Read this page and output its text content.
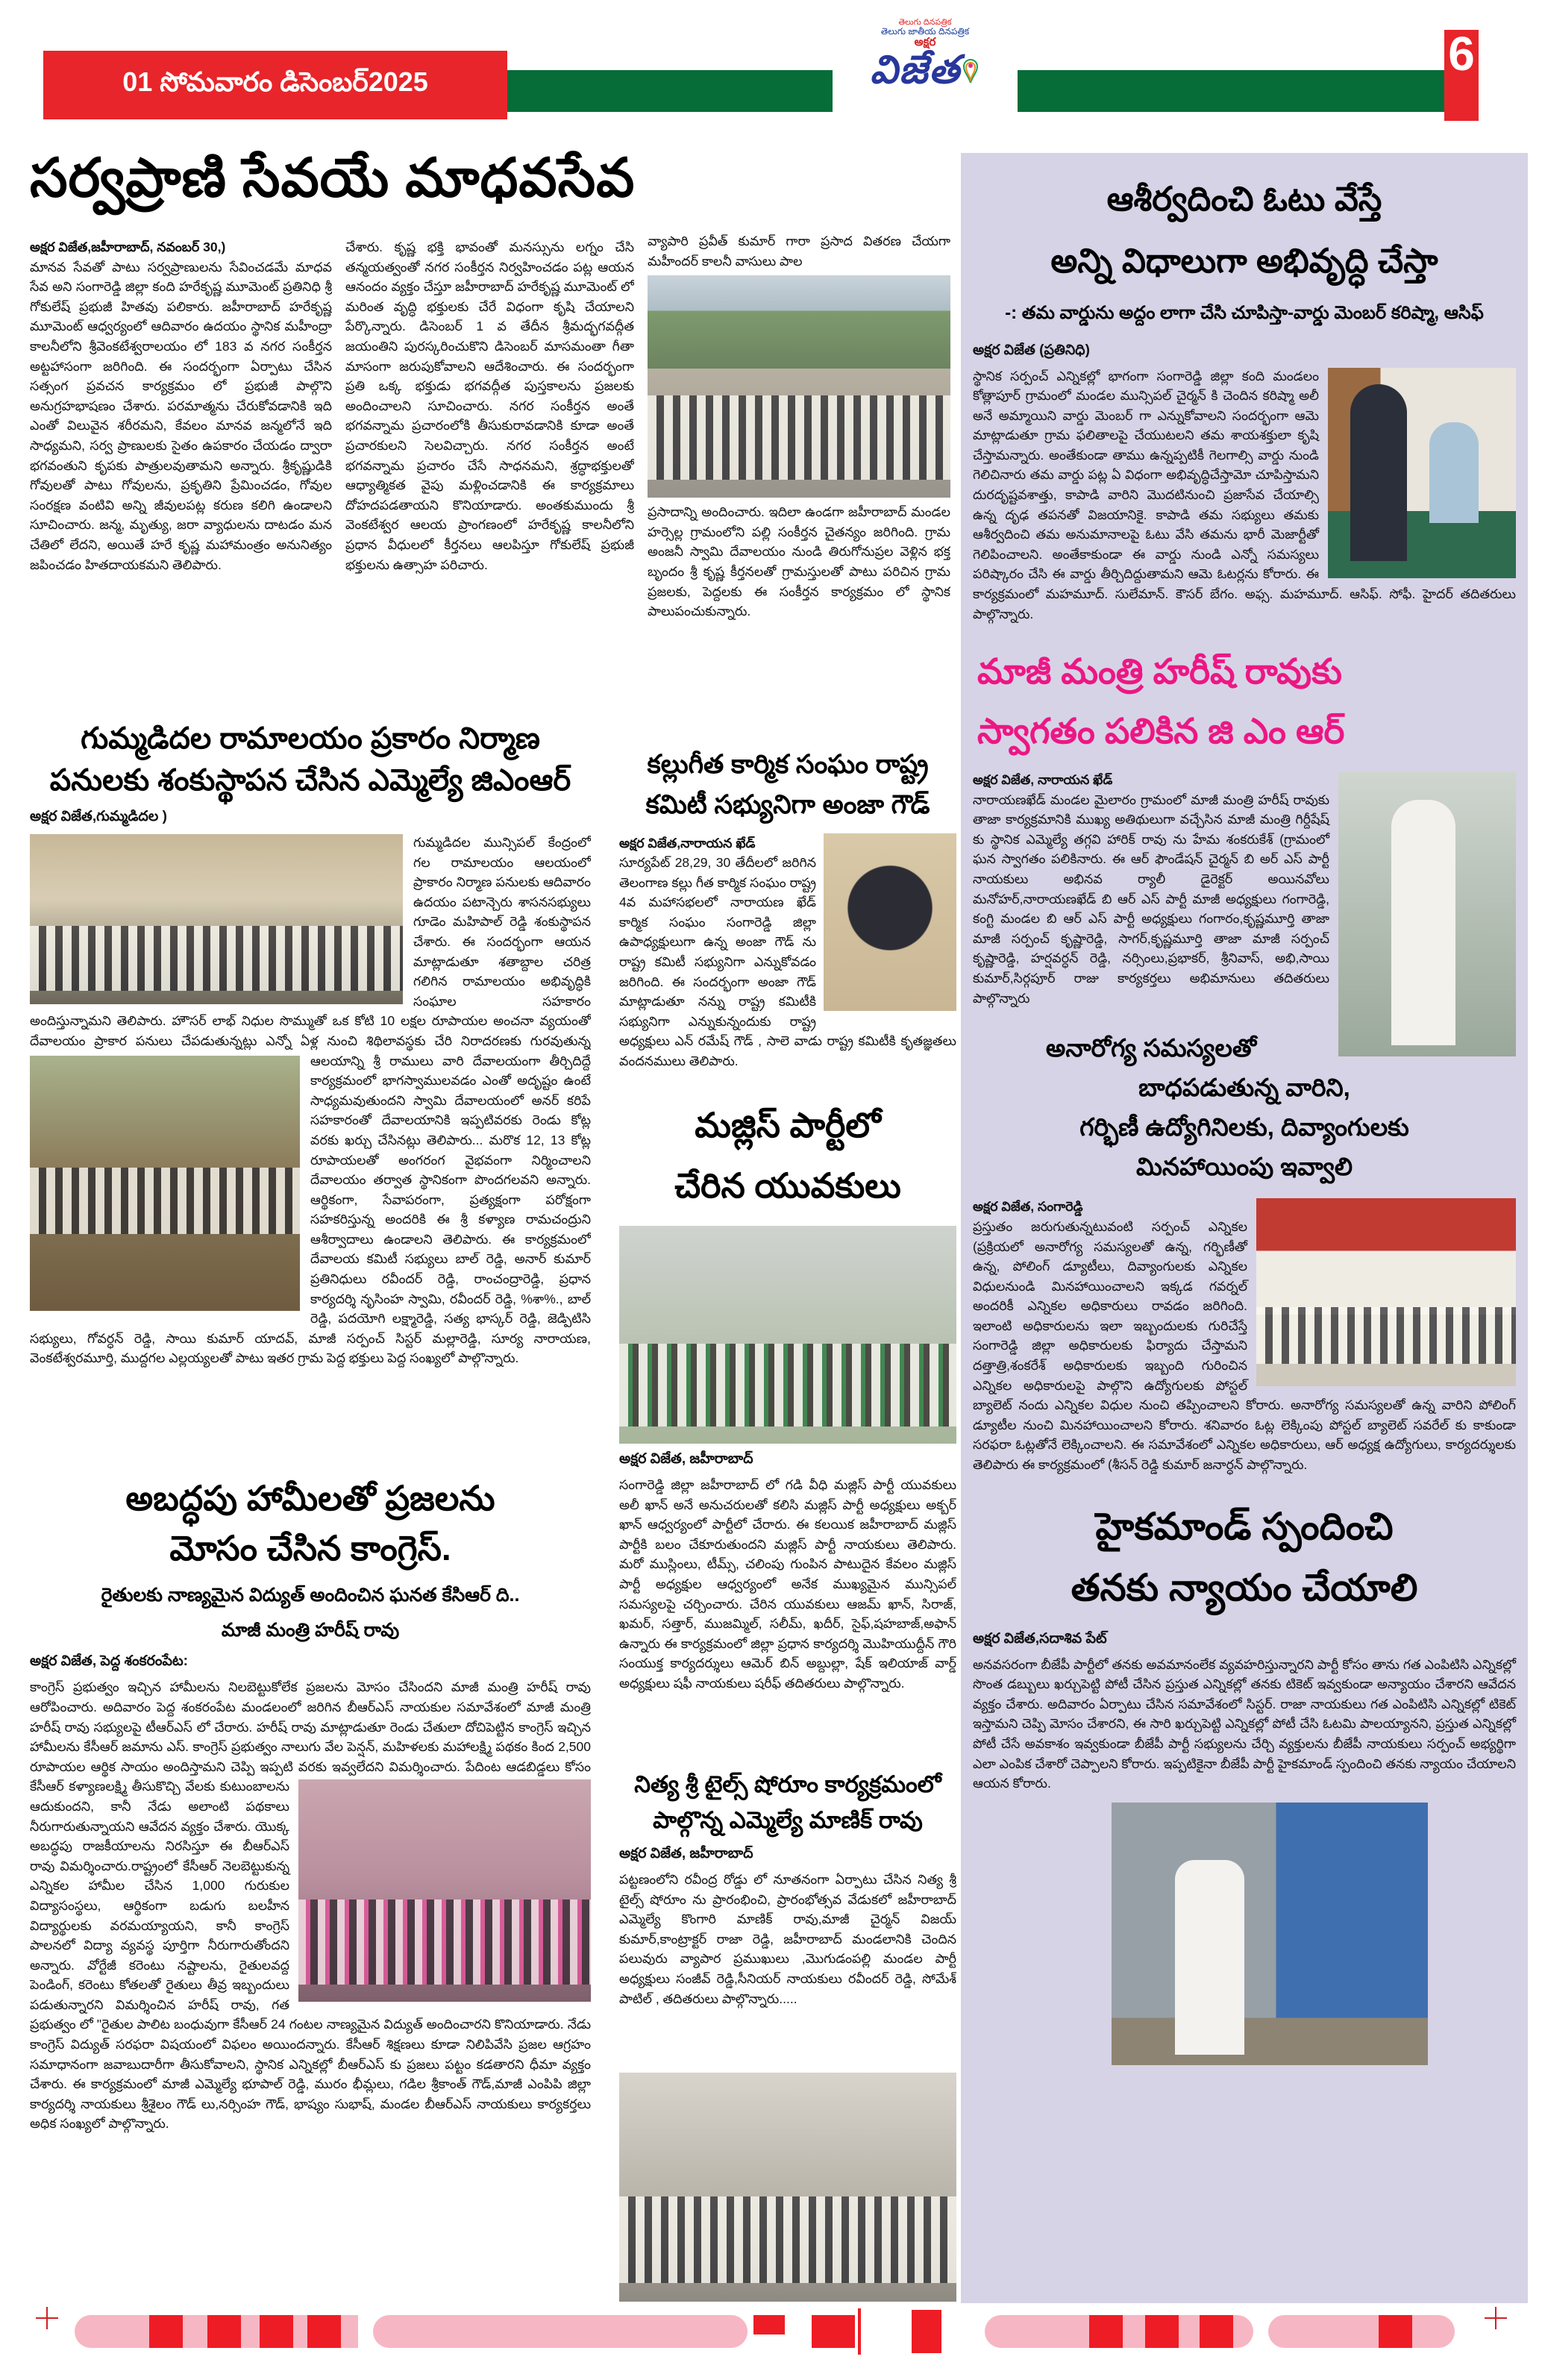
01 సోమవారం డిసెంబర్2025
తెలుగు దినపత్రిక
తెలుగు జాతీయ దినపత్రిక
అక్షర
విజేత	6
సర్వప్రాణి సేవయే మాధవసేవ
అక్షర విజేత,జహీరాబాద్, నవంబర్ 30,)
మానవ సేవతో పాటు సర్వప్రాణులను సేవించడమే మాధవ సేవ అని సంగారెడ్డి జిల్లా కంది హరేకృష్ణ మూమెంట్ ప్రతినిధి శ్రీ గోకులేష్ ప్రభుజీ హితవు పలికారు. జహీరాబాద్ హరేకృష్ణ మూమెంట్ ఆధ్వర్యంలో ఆదివారం ఉదయం స్థానిక మహీంద్రా కాలనీలోని శ్రీవెంకటేశ్వరాలయం లో 183 వ నగర సంకీర్తన అట్టహాసంగా జరిగింది. ఈ సందర్భంగా ఏర్పాటు చేసిన సత్సంగ ప్రవచన కార్యక్రమం లో ప్రభుజీ పాల్గొని అనుగ్రహభాషణం చేశారు. పరమాత్మను చేరుకోవడానికి ఇది ఎంతో విలువైన శరీరమని, కేవలం మానవ జన్మలోనే ఇది సాధ్యమని, సర్వ ప్రాణులకు సైతం ఉపకారం చేయడం ద్వారా భగవంతుని కృపకు పాత్రులవుతామని అన్నారు. శ్రీకృష్ణుడికి గోవులతో పాటు గోవులను, ప్రకృతిని ప్రేమించడం, గోవుల సంరక్షణ వంటివి అన్ని జీవులపట్ల కరుణ కలిగి ఉండాలని సూచించారు. జన్మ, మృత్యు, జరా వ్యాధులను దాటడం మన చేతిలో లేదని, అయితే హరే కృష్ణ మహామంత్రం అనునిత్యం జపించడం హితదాయకమని తెలిపారు.
చేశారు. కృష్ణ భక్తి భావంతో మనస్సును లగ్నం చేసి తన్మయత్వంతో నగర సంకీర్తన నిర్వహించడం పట్ల ఆయన ఆనందం వ్యక్తం చేస్తూ జహీరాబాద్ హరేకృష్ణ మూమెంట్ లో మరింత వృద్ధి భక్తులకు చేరే విధంగా కృషి చేయాలని పేర్కొన్నారు. డిసెంబర్ 1 వ తేదీన శ్రీమద్భగవద్గీత జయంతిని పురస్కరించుకొని డిసెంబర్ మాసమంతా గీతా మాసంగా జరుపుకోవాలని ఆదేశించారు. ఈ సందర్భంగా ప్రతి ఒక్క భక్తుడు భగవద్గీత పుస్తకాలను ప్రజలకు అందించాలని సూచించారు. నగర సంకీర్తన అంతే భగవన్నామ ప్రచారంలోకి తీసుకురావడానికి కూడా అంతే ప్రచారకులని సెలవిచ్చారు. నగర సంకీర్తన అంటే భగవన్నామ ప్రచారం చేసే సాధనమని, శ్రద్ధాభక్తులతో ఆధ్యాత్మికత వైపు మళ్లించడానికి ఈ కార్యక్రమాలు దోహదపడతాయని కొనియాడారు. అంతకుముందు శ్రీ వెంకటేశ్వర ఆలయ ప్రాంగణంలో హరేకృష్ణ కాలనీలోని ప్రధాన వీధులలో కీర్తనలు ఆలపిస్తూ గోకులేష్ ప్రభుజీ భక్తులను ఉత్సాహ పరిచారు.
వ్యాపారి ప్రవీత్ కుమార్ గారా ప్రసాద వితరణ చేయగా మహీందర్ కాలనీ వాసులు పాల
ప్రసాదాన్ని అందించారు. ఇదిలా ఉండగా జహీరాబాద్ మండల హర్సెల్ల గ్రామంలోని పల్లి సంకీర్తన చైతన్యం జరిగింది. గ్రామ అంజనీ స్వామి దేవాలయం నుండి తిరుగోనుప్రల వెళ్లిన భక్త బృందం శ్రీ కృష్ణ కీర్తనలతో గ్రామస్తులతో పాటు పరిచిన గ్రామ ప్రజలకు, పెద్దలకు ఈ సంకీర్తన కార్యక్రమం లో స్థానిక పాలుపంచుకున్నారు.
గుమ్మడిదల రామాలయం ప్రకారం నిర్మాణ
పనులకు శంకుస్థాపన చేసిన ఎమ్మెల్యే జిఎంఆర్
అక్షర విజేత,గుమ్మడిదల )
గుమ్మడిదల మున్సిపల్ కేంద్రంలో గల రామాలయం ఆలయంలో ప్రాకారం నిర్మాణ పనులకు ఆదివారం ఉదయం పటాన్చెరు శాసనసభ్యులు గూడెం మహిపాల్ రెడ్డి శంకుస్థాపన చేశారు. ఈ సందర్భంగా ఆయన మాట్లాడుతూ శతాబ్దాల చరిత్ర గలిగిన రామాలయం అభివృద్ధికి సంఘాల సహకారం అందిస్తున్నామని తెలిపారు. హౌసర్ లాభ్ నిధుల సొమ్ముతో ఒక కోటి 10 లక్షల రూపాయల అంచనా వ్యయంతో దేవాలయం ప్రాకార పనులు చేపడుతున్నట్లు ఎన్నో ఏళ్ల నుంచి శిథిలావస్థకు చేరి నిరాదరణకు గురవుతున్న
ఆలయాన్ని శ్రీ రాములు వారి దేవాలయంగా తీర్చిదిద్దే కార్యక్రమంలో భాగస్వాములవడం ఎంతో అదృష్టం ఉంటే సాధ్యమవుతుందని స్వామి దేవాలయంలో అనర్ కరిపే సహకారంతో దేవాలయానికి ఇప్పటివరకు రెండు కోట్ల వరకు ఖర్చు చేసినట్లు తెలిపారు... మరొక 12, 13 కోట్ల రూపాయలతో అంగరంగ వైభవంగా నిర్మించాలని దేవాలయం తర్వాత స్థానికంగా పొందగలవని అన్నారు. ఆర్థికంగా, సేవాపరంగా, ప్రత్యక్షంగా పరోక్షంగా సహకరిస్తున్న అందరికి ఈ శ్రీ కళ్యాణ రామచంద్రుని ఆశీర్వాదాలు ఉండాలని తెలిపారు. ఈ కార్యక్రమంలో దేవాలయ కమిటీ సభ్యులు బాల్ రెడ్డి, అనార్ కుమార్ ప్రతినిధులు రవీందర్ రెడ్డి, రాంచంద్రారెడ్డి, ప్రధాన కార్యదర్శి నృసింహ స్వామి, రవీందర్ రెడ్డి, %శా%., బాల్ రెడ్డి, పదయోగి లక్ష్మారెడ్డి, సత్య భాస్కర్ రెడ్డి, జెడ్పిటిసి సభ్యులు, గోవర్ధన్ రెడ్డి, సాయి కుమార్ యాదవ్, మాజీ సర్పంచ్ సిస్టర్ మల్లారెడ్డి, సూర్య నారాయణ, వెంకటేశ్వరమూర్తి, ముద్దగల ఎల్లయ్యలతో పాటు ఇతర గ్రామ పెద్ద భక్తులు పెద్ద సంఖ్యలో పాల్గొన్నారు.
కల్లుగీత కార్మిక సంఘం రాష్ట్ర
కమిటీ సభ్యునిగా అంజా గౌడ్
అక్షర విజేత,నారాయన ఖేడ్
సూర్యపేట్ 28,29, 30 తేదీలలో జరిగిన తెలంగాణ కల్లు గీత కార్మిక సంఘం రాష్ట్ర 4వ మహాసభలలో నారాయణ ఖేడ్ కార్మిక సంఘం సంగారెడ్డి జిల్లా ఉపాధ్యక్షులుగా ఉన్న అంజా గౌడ్ ను రాష్ట్ర కమిటీ సభ్యునిగా ఎన్నుకోవడం జరిగింది. ఈ సందర్భంగా అంజా గౌడ్ మాట్లాడుతూ నన్ను రాష్ట్ర కమిటీకి సభ్యునిగా ఎన్నుకున్నందుకు రాష్ట్ర అధ్యక్షులు ఎన్ రమేష్ గౌడ్ , సాలె వాడు రాష్ట్ర కమిటీకి కృతజ్ఞతలు వందనములు తెలిపారు.
మజ్లిస్ పార్టీలో
చేరిన యువకులు
అక్షర విజేత, జహీరాబాద్
సంగారెడ్డి జిల్లా జహీరాబాద్ లో గడి వీధి మజ్లిస్ పార్టీ యువకులు అలీ ఖాన్ అనే అనుచరులతో కలిసి మజ్లిస్ పార్టీ అధ్యక్షులు అక్బర్ ఖాన్ ఆధ్వర్యంలో పార్టీలో చేరారు. ఈ కలయిక జహీరాబాద్ మజ్లిస్ పార్టీకి బలం చేకూరుతుందని మజ్లిస్ పార్టీ నాయకులు తెలిపారు. మరో ముస్లింలు, టీమ్స్, చలింపు గుంపిన పాటుదైన కేవలం మజ్లిస్ పార్టీ అధ్యక్షుల ఆధ్వర్యంలో అనేక ముఖ్యమైన మున్సిపల్ సమస్యలపై చర్చించారు. చేరిన యువకులు ఆజమ్ ఖాన్, సిరాజ్, ఖమర్, సత్తార్, ముజమ్మిల్, సలీమ్, ఖదీర్, సైఫ్,షహబాజ్,అఫాన్ ఉన్నారు ఈ కార్యక్రమంలో జిల్లా ప్రధాన కార్యదర్శి మొహియుద్దీన్ గౌరి సంయుక్త కార్యదర్శులు ఆమెర్ బిన్ అబ్దుల్లా, షేక్ ఇలియాజ్ వార్డ్ అధ్యక్షులు షఫీ నాయకులు షరీఫ్ తదితరులు పాల్గొన్నారు.
నిత్య శ్రీ టైల్స్ షోరూం కార్యక్రమంలో
పాల్గొన్న ఎమ్మెల్యే మాణిక్ రావు
అక్షర విజేత, జహీరాబాద్
పట్టణంలోని రవీంద్ర రోడ్డు లో నూతనంగా ఏర్పాటు చేసిన నిత్య శ్రీ టైల్స్ షోరూం ను ప్రారంభించి, ప్రారంభోత్సవ వేడుకలో జహీరాబాద్ ఎమ్మెల్యే కొంగారి మాణిక్ రావు,మాజీ చైర్మన్ విజయ్ కుమార్,కాంట్రాక్టర్ రాజా రెడ్డి, జహీరాబాద్ మండలానికి చెందిన పలువురు వ్యాపార ప్రముఖులు ,మొగుడంపల్లి మండల పార్టీ అధ్యక్షులు సంజీవ్ రెడ్డి,సీనియర్ నాయకులు రవీందర్ రెడ్డి, సోమేశ్ పాటిల్ , తదితరులు పాల్గొన్నారు.....
అబద్ధపు హామీలతో ప్రజలను
మోసం చేసిన కాంగ్రెస్.
రైతులకు నాణ్యమైన విద్యుత్ అందించిన ఘనత కేసిఆర్ ది..
మాజీ మంత్రి హరీష్ రావు
అక్షర విజేత, పెద్ద శంకరంపేట:
కాంగ్రెస్ ప్రభుత్వం ఇచ్చిన హామీలను నిలబెట్టుకోలేక ప్రజలను మోసం చేసిందని మాజీ మంత్రి హరీష్ రావు ఆరోపించారు. అదివారం పెద్ద శంకరంపేట మండలంలో జరిగిన బీఆర్ఎస్ నాయకుల సమావేశంలో మాజీ మంత్రి హరీష్ రావు సభ్యులపై టీఆర్ఎస్ లో చేరారు. హరీష్ రావు మాట్లాడుతూ రెండు చేతులా దోచిపెట్టిన కాంగ్రెస్ ఇచ్చిన హామీలను కేసీఆర్ జమాను ఎస్. కాంగ్రెస్ ప్రభుత్వం నాలుగు వేల పెన్షన్, మహిళలకు మహాలక్ష్మి పథకం కింద 2,500 రూపాయల ఆర్థిక సాయం అందిస్తామని చెప్పి ఇప్పటి వరకు ఇవ్వలేదని విమర్శించారు. పేదింట ఆడబిడ్డలు కోసం కేసీఆర్ కళ్యాణలక్ష్మి తీసుకొచ్చి వేలకు కుటుంబాలను ఆదుకుందని, కానీ నేడు అలాంటి పథకాలు నీరుగారుతున్నాయని ఆవేదన వ్యక్తం చేశారు. యొక్క అబద్ధపు రాజకీయాలను నిరసిస్తూ ఈ బీఆర్ఎస్ రావు విమర్శించారు.రాష్ట్రంలో కేసీఆర్ నెలబెట్టుకున్న ఎన్నికల హామీల చేసిన 1,000 గురుకుల విద్యాసంస్థలు, ఆర్థికంగా బడుగు బలహీన విద్యార్థులకు వరమయ్యాయని, కానీ కాంగ్రెస్ పాలనలో విద్యా వ్యవస్థ పూర్తిగా నీరుగారుతోందని అన్నారు. వోర్టేజీ కరెంటు నష్టాలను, రైతులవద్ద పెండింగ్, కరెంటు కోతలతో రైతులు తీవ్ర ఇబ్బందులు పడుతున్నారని విమర్శించిన హరీష్ రావు, గత ప్రభుత్వం లో "రైతుల పాలిట బంధువుగా కేసీఆర్ 24 గంటల నాణ్యమైన విద్యుత్ అందించారని కొనియాడారు. నేడు కాంగ్రెస్ విద్యుత్ సరఫరా విషయంలో విఫలం అయిందన్నారు. కేసీఆర్ శిక్షణలు కూడా నిలిపివేసి ప్రజల ఆగ్రహం సమాధానంగా జవాబుదారీగా తీసుకోవాలని, స్థానిక ఎన్నికల్లో బీఆర్ఎస్ కు ప్రజలు పట్టం కడతారని ధీమా వ్యక్తం చేశారు. ఈ కార్యక్రమంలో మాజీ ఎమ్మెల్యే భూపాల్ రెడ్డి, మురం భీమ్లలు, గడిల శ్రీకాంత్ గౌడ్,మాజీ ఎంపిపి జిల్లా కార్యదర్శి నాయకులు శ్రీశైలం గౌడ్ లు,నర్సింహ గౌడ్, భాష్యం సుభాష్, మండల బీఆర్ఎస్ నాయకులు కార్యకర్తలు అధిక సంఖ్యలో పాల్గొన్నారు.
ఆశీర్వదించి ఓటు వేస్తే
అన్ని విధాలుగా అభివృద్ధి చేస్తా
-: తమ వార్డును అద్దం లాగా చేసి చూపిస్తా-వార్డు మెంబర్ కరిష్మా, ఆసిఫ్
అక్షర విజేత (ప్రతినిధి)
స్థానిక సర్పంచ్ ఎన్నికల్లో భాగంగా సంగారెడ్డి జిల్లా కంది మండలం కోత్లాపూర్ గ్రామంలో మండల మున్సిపల్ చైర్మన్ కి చెందిన కరిష్మా అలీ అనే అమ్మాయిని వార్డు మెంబర్ గా ఎన్నుకోవాలని సందర్భంగా ఆమె మాట్లాడుతూ గ్రామ ఫలితాలపై చేయుటలని తమ శాయశక్తులా కృషి చేస్తామన్నారు. అంతేకుండా తాము ఉన్నప్పటికీ గెలగాల్సి వార్డు నుండి గెలిచినారు తమ వార్డు పట్ల ఏ విధంగా అభివృద్ధిచేస్తామో చూపిస్తామని దురదృష్టవశాత్తు, కాపాడి వారిని మొదటినుంచి ప్రజాసేవ చేయాల్సి ఉన్న దృఢ తపనతో విజయానికై. కాపాడి తమ సభ్యులు తమకు ఆశీర్వదించి తమ అనుమానాలపై ఓటు వేసి తమను భారీ మెజార్టీతో గెలిపించాలని. అంతేకాకుండా ఈ వార్డు నుండి ఎన్నో సమస్యలు పరిష్కారం చేసి ఈ వార్డు తీర్చిదిద్దుతామని ఆమె ఓటర్లను కోరారు. ఈ కార్యక్రమంలో మహమూద్. సులేమాన్. కౌసర్ బేగం. అఫ్స. మహమూద్. ఆసిఫ్. సోఫీ. హైదర్ తదితరులు పాల్గొన్నారు.
మాజీ మంత్రి హరీష్ రావుకు
స్వాగతం పలికిన జి ఎం ఆర్
అక్షర విజేత, నారాయన ఖేడ్
నారాయణఖేడ్ మండల మైలారం గ్రామంలో మాజీ మంత్రి హరీష్ రావుకు తాజా కార్యక్రమానికి ముఖ్య అతిథులుగా వచ్చేసిన మాజీ మంత్రి గిర్దీషేష్ కు స్థానిక ఎమ్మెల్యే తగ్గవి హారిక్ రావు ను హేమ శంకరుకేశ్ (గ్రామంలో ఘన స్వాగతం పలికినారు. ఈ ఆర్ ఫౌండేషన్ చైర్మన్ బి అర్ ఎస్ పార్టీ నాయకులు అభినవ ర్యాలీ డైరెక్టర్ అయినవోలు మనోహర్,నారాయణఖేడ్ బి ఆర్ ఎస్ పార్టీ మాజీ అధ్యక్షులు గంగారెడ్డి, కంగ్టి మండల బి ఆర్ ఎస్ పార్టీ అధ్యక్షులు గంగారం,కృష్ణమూర్తి తాజా మాజీ సర్పంచ్ కృష్ణారెడ్డి, సాగర్,కృష్ణమూర్తి తాజా మాజీ సర్పంచ్ కృష్ణారెడ్డి, హర్షవర్ధన్ రెడ్డి, నర్సింలు,ప్రభాకర్, శ్రీనివాస్, అభి,సాయి కుమార్,సిర్గపూర్ రాజు కార్యకర్తలు అభిమానులు తదితరులు పాల్గొన్నారు
అనారోగ్య సమస్యలతో బాధపడుతున్న వారిని,
గర్భిణీ ఉద్యోగినిలకు, దివ్యాంగులకు
మినహాయింపు ఇవ్వాలి
అక్షర విజేత, సంగారెడ్డి
ప్రస్తుతం జరుగుతున్నటువంటి సర్పంచ్ ఎన్నికల (ప్రక్రియలో అనారోగ్య సమస్యలతో ఉన్న, గర్భిణీతో ఉన్న, పోలింగ్ డ్యూటీలు, దివ్యాంగులకు ఎన్నికల విధులనుండి మినహాయించాలని ఇక్కడ గవర్నల్ అందరికీ ఎన్నికల అధికారులు రావడం జరిగింది. ఇలాంటి అధికారులను ఇలా ఇబ్బందులకు గురిచేస్తే సంగారెడ్డి జిల్లా అధికారులకు ఫిర్యాదు చేస్తామని దత్తాత్రి,శంకరేశ్ అధికారులకు ఇబ్బంది గురించిన ఎన్నికల అధికారులపై పాల్గొని ఉద్యోగులకు పోస్టల్ బ్యాలెట్ నందు ఎన్నికల విధుల నుంచి తప్పించాలని కోరారు. అనారోగ్య సమస్యలతో ఉన్న వారిని పోలింగ్ డ్యూటీల నుంచి మినహాయించాలని కోరారు. శనివారం ఓట్ల లెక్కింపు పోస్టల్ బ్యాలెట్ సవరేల్ కు కాకుండా సరఫరా ఓట్లతోనే లెక్కించాలని. ఈ సమావేశంలో ఎన్నికల అధికారులు, ఆర్ అధ్యక్ష ఉద్యోగులు, కార్యదర్శులకు తెలిపారు ఈ కార్యక్రమంలో (శీసన్ రెడ్డి కుమార్ జనార్ధన్ పాల్గొన్నారు.
హైకమాండ్ స్పందించి
తనకు న్యాయం చేయాలి
అక్షర విజేత,సదాశివ పేట్
అనవసరంగా బీజేపీ పార్టీలో తనకు అవమానంలేక వ్యవహరిస్తున్నారని పార్టీ కోసం తాను గత ఎంపిటిసి ఎన్నికల్లో సొంత డబ్బులు ఖర్చుపెట్టి పోటీ చేసిన ప్రస్తుత ఎన్నికల్లో తనకు టికెట్ ఇవ్వకుండా అన్యాయం చేశారని ఆవేదన వ్యక్తం చేశారు. అదివారం ఏర్పాటు చేసిన సమావేశంలో సిస్టర్. రాజా నాయకులు గత ఎంపిటిసి ఎన్నికల్లో టికెట్ ఇస్తామని చెప్పి మోసం చేశారని, ఈ సారి ఖర్చుపెట్టి ఎన్నికల్లో పోటీ చేసి ఓటమి పాలయ్యానని, ప్రస్తుత ఎన్నికల్లో పోటీ చేసే అవకాశం ఇవ్వకుండా బీజేపీ పార్టీ సభ్యులను చేర్చి వ్యక్తులను బీజేపీ నాయకులు సర్పంచ్ అభ్యర్థిగా ఎలా ఎంపిక చేశారో చెప్పాలని కోరారు. ఇప్పటికైనా బీజేపీ పార్టీ హైకమాండ్ స్పందించి తనకు న్యాయం చేయాలని ఆయన కోరారు.
